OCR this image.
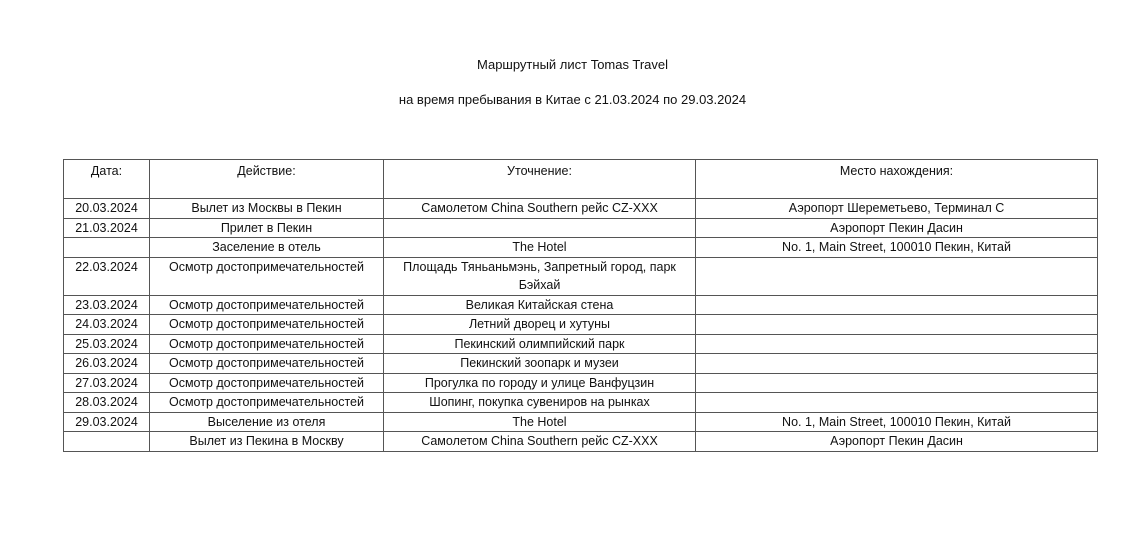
Маршрутный лист Tomas Travel
на время пребывания в Китае с 21.03.2024 по 29.03.2024
Дата:	Действие:	Уточнение:	Место нахождения:
20.03.2024	Вылет из Москвы в Пекин	Самолетом China Southern рейс CZ-XXX	Аэропорт Шереметьево, Терминал С
21.03.2024	Прилет в Пекин		Аэропорт Пекин Дасин
	Заселение в отель	The Hotel	No. 1, Main Street, 100010 Пекин, Китай
22.03.2024	Осмотр достопримечательностей	Площадь Тяньаньмэнь, Запретный город, парк Бэйхай	
23.03.2024	Осмотр достопримечательностей	Великая Китайская стена	
24.03.2024	Осмотр достопримечательностей	Летний дворец и хутуны	
25.03.2024	Осмотр достопримечательностей	Пекинский олимпийский парк	
26.03.2024	Осмотр достопримечательностей	Пекинский зоопарк и музеи	
27.03.2024	Осмотр достопримечательностей	Прогулка по городу и улице Ванфуцзин	
28.03.2024	Осмотр достопримечательностей	Шопинг, покупка сувениров на рынках	
29.03.2024	Выселение из отеля	The Hotel	No. 1, Main Street, 100010 Пекин, Китай
	Вылет из Пекина в Москву	Самолетом China Southern рейс CZ-XXX	Аэропорт Пекин Дасин
